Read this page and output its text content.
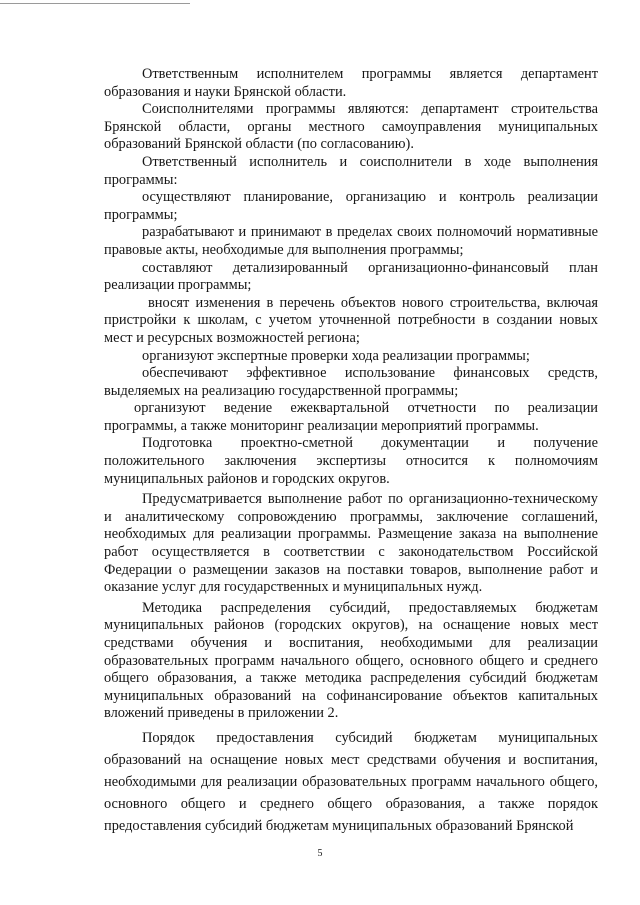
Ответственным исполнителем программы является департамент образования и науки Брянской области.

Соисполнителями программы являются: департамент строительства Брянской области, органы местного самоуправления муниципальных образований Брянской области (по согласованию).

Ответственный исполнитель и соисполнители в ходе выполнения программы:

осуществляют планирование, организацию и контроль реализации программы;

разрабатывают и принимают в пределах своих полномочий нормативные правовые акты, необходимые для выполнения программы;

составляют детализированный организационно-финансовый план реализации программы;

вносят изменения в перечень объектов нового строительства, включая пристройки к школам, с учетом уточненной потребности в создании новых мест и ресурсных возможностей региона;

организуют экспертные проверки хода реализации программы;

обеспечивают эффективное использование финансовых средств, выделяемых на реализацию государственной программы;

организуют ведение ежеквартальной отчетности по реализации программы, а также мониторинг реализации мероприятий программы.

Подготовка проектно-сметной документации и получение положительного заключения экспертизы относится к полномочиям муниципальных районов и городских округов.

Предусматривается выполнение работ по организационно-техническому и аналитическому сопровождению программы, заключение соглашений, необходимых для реализации программы. Размещение заказа на выполнение работ осуществляется в соответствии с законодательством Российской Федерации о размещении заказов на поставки товаров, выполнение работ и оказание услуг для государственных и муниципальных нужд.

Методика распределения субсидий, предоставляемых бюджетам муниципальных районов (городских округов), на оснащение новых мест средствами обучения и воспитания, необходимыми для реализации образовательных программ начального общего, основного общего и среднего общего образования, а также методика распределения субсидий бюджетам муниципальных образований на софинансирование объектов капитальных вложений приведены в приложении 2.

Порядок предоставления субсидий бюджетам муниципальных образований на оснащение новых мест средствами обучения и воспитания, необходимыми для реализации образовательных программ начального общего, основного общего и среднего общего образования, а также порядок предоставления субсидий бюджетам муниципальных образований Брянской

5
